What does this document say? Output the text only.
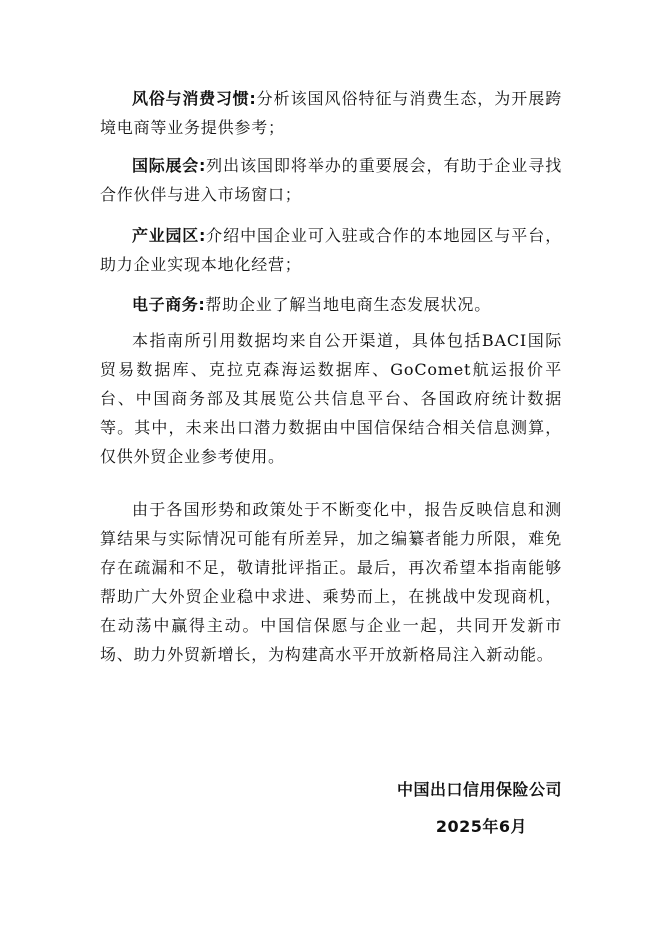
风俗与消费习惯:分析该国风俗特征与消费生态，为开展跨境电商等业务提供参考；

国际展会:列出该国即将举办的重要展会，有助于企业寻找合作伙伴与进入市场窗口；

产业园区:介绍中国企业可入驻或合作的本地园区与平台，助力企业实现本地化经营；

电子商务:帮助企业了解当地电商生态发展状况。

本指南所引用数据均来自公开渠道，具体包括BACI国际贸易数据库、克拉克森海运数据库、GoComet航运报价平台、中国商务部及其展览公共信息平台、各国政府统计数据等。其中，未来出口潜力数据由中国信保结合相关信息测算，仅供外贸企业参考使用。

由于各国形势和政策处于不断变化中，报告反映信息和测算结果与实际情况可能有所差异，加之编纂者能力所限，难免存在疏漏和不足，敬请批评指正。最后，再次希望本指南能够帮助广大外贸企业稳中求进、乘势而上，在挑战中发现商机，在动荡中赢得主动。中国信保愿与企业一起，共同开发新市场、助力外贸新增长，为构建高水平开放新格局注入新动能。

中国出口信用保险公司

2025年6月
